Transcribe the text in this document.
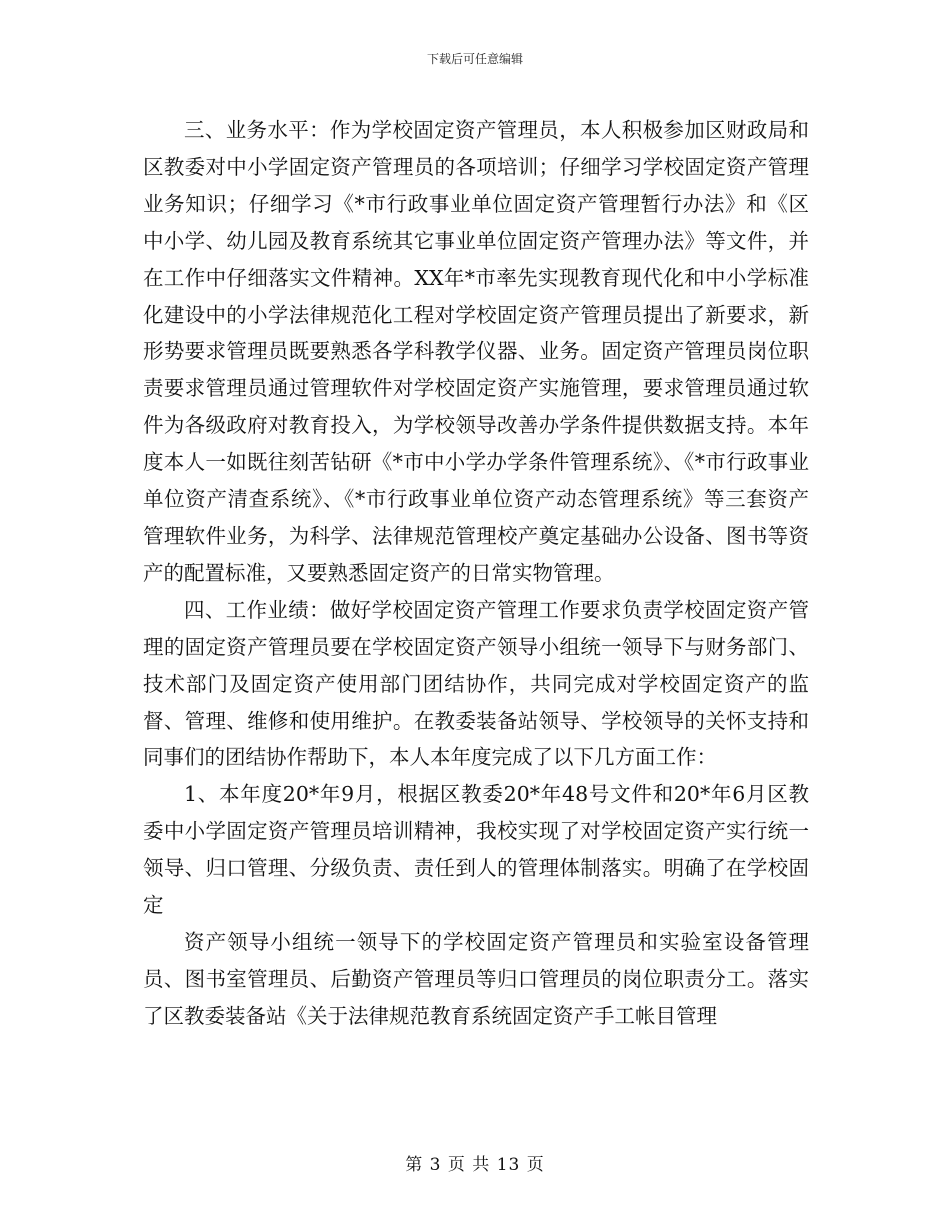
下载后可任意编辑

三、业务水平：作为学校固定资产管理员，本人积极参加区财政局和区教委对中小学固定资产管理员的各项培训；仔细学习学校固定资产管理业务知识；仔细学习《*市行政事业单位固定资产管理暂行办法》和《区中小学、幼儿园及教育系统其它事业单位固定资产管理办法》等文件，并在工作中仔细落实文件精神。XX年*市率先实现教育现代化和中小学标准化建设中的小学法律规范化工程对学校固定资产管理员提出了新要求，新形势要求管理员既要熟悉各学科教学仪器、业务。固定资产管理员岗位职责要求管理员通过管理软件对学校固定资产实施管理，要求管理员通过软件为各级政府对教育投入，为学校领导改善办学条件提供数据支持。本年度本人一如既往刻苦钻研《*市中小学办学条件管理系统》、《*市行政事业单位资产清查系统》、《*市行政事业单位资产动态管理系统》等三套资产管理软件业务，为科学、法律规范管理校产奠定基础办公设备、图书等资产的配置标准，又要熟悉固定资产的日常实物管理。

四、工作业绩：做好学校固定资产管理工作要求负责学校固定资产管理的固定资产管理员要在学校固定资产领导小组统一领导下与财务部门、技术部门及固定资产使用部门团结协作，共同完成对学校固定资产的监督、管理、维修和使用维护。在教委装备站领导、学校领导的关怀支持和同事们的团结协作帮助下，本人本年度完成了以下几方面工作：

1、本年度20*年9月，根据区教委20*年48号文件和20*年6月区教委中小学固定资产管理员培训精神，我校实现了对学校固定资产实行统一领导、归口管理、分级负责、责任到人的管理体制落实。明确了在学校固定

资产领导小组统一领导下的学校固定资产管理员和实验室设备管理员、图书室管理员、后勤资产管理员等归口管理员的岗位职责分工。落实了区教委装备站《关于法律规范教育系统固定资产手工帐目管理

第 3 页 共 13 页
